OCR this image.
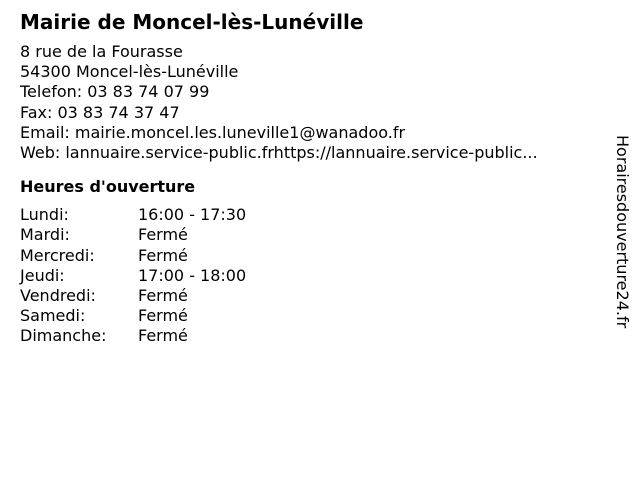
Mairie de Moncel-lès-Lunéville
8 rue de la Fourasse
54300 Moncel-lès-Lunéville
Telefon: 03 83 74 07 99
Fax: 03 83 74 37 47
Email: mairie.moncel.les.luneville1@wanadoo.fr
Web: lannuaire.service-public.frhttps://lannuaire.service-public...
Heures d'ouverture
Lundi:	16:00 - 17:30
Mardi:	Fermé
Mercredi:	Fermé
Jeudi:	17:00 - 18:00
Vendredi:	Fermé
Samedi:	Fermé
Dimanche:	Fermé
Horairesdouverture24.fr
